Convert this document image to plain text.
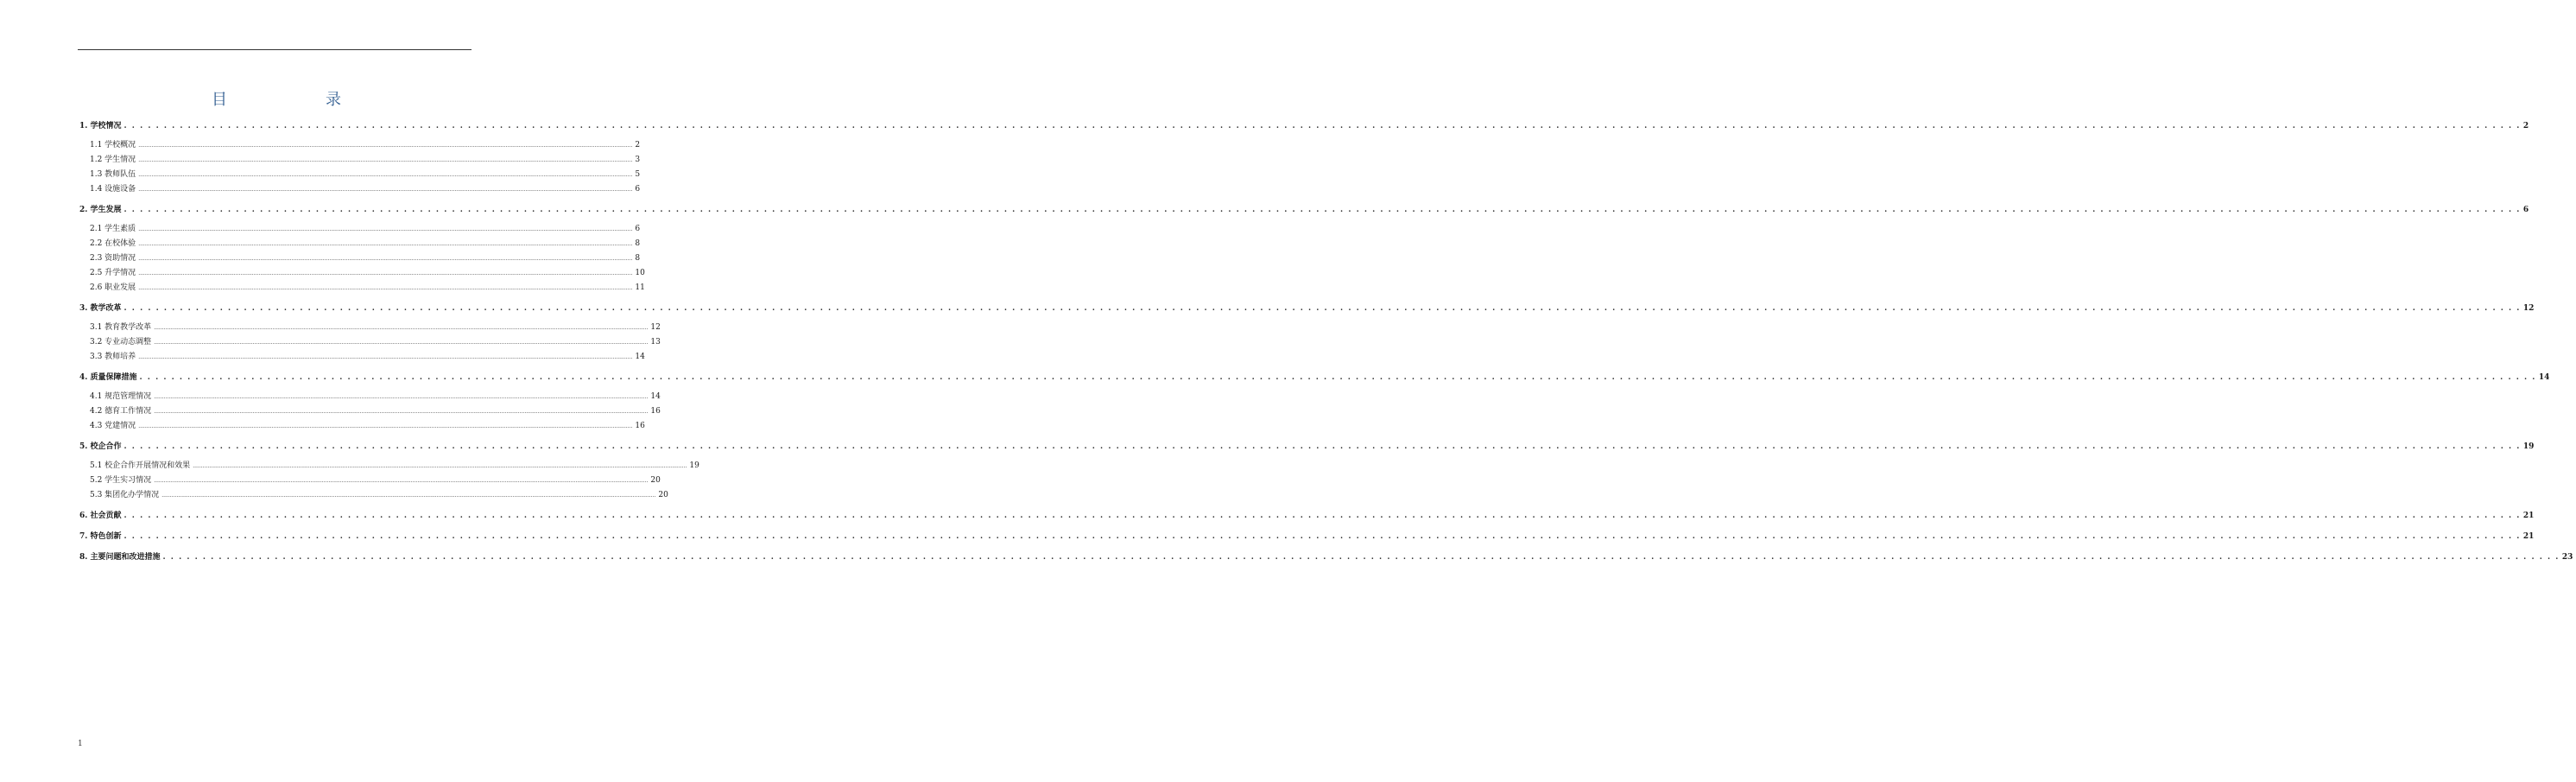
目　　录
1. 学校情况 . . . . . . . . . . . . . . . . . . . . . . . . . . . . . . . . . . . . . . . . . . . . . . . . . . . . . . . . . . . . . . . . . . . . . . . . . . . . . . . . . . . . . . . . . . . . . . . . . . . . . . . . . . . . . . . . . . . . . . . . . . . . . . . . . . . . . . . . . . . . . . . . . . . . . . . . . . . . . . . . . . . . . . . . . . . . . . . . . . . . . . . . . . . . . . . . . . . . . . . . . . . . . . . . . . . . . . . . . . . . . . . . . . . . . . . . . . . . . . . . . . . . . . . . . . . . . . . . . . . . . . . . . . . . . . . . . . . . . . . . . . . . . . . . . . . . . . . . . . . . 2
1.1 学校概况 ............................................................................................................................................................................................................................................................................................................ 2
1.2 学生情况 ............................................................................................................................................................................................................................................................................................................ 3
1.3 教师队伍 ............................................................................................................................................................................................................................................................................................................ 5
1.4 设施设备 ............................................................................................................................................................................................................................................................................................................ 6
2. 学生发展 . . . . . . . . . . . . . . . . . . . . . . . . . . . . . . . . . . . . . . . . . . . . . . . . . . . . . . . . . . . . . . . . . . . . . . . . . . . . . . . . . . . . . . . . . . . . . . . . . . . . . . . . . . . . . . . . . . . . . . . . . . . . . . . . . . . . . . . . . . . . . . . . . . . . . . . . . . . . . . . . . . . . . . . . . . . . . . . . . . . . . . . . . . . . . . . . . . . . . . . . . . . . . . . . . . . . . . . . . . . . . . . . . . . . . . . . . . . . . . . . . . . . . . . . . . . . . . . . . . . . . . . . . . . . . . . . . . . . . . . . . . . . . . . . . . . . . . . . . . . . 6
2.1 学生素质 ............................................................................................................................................................................................................................................................................................................ 6
2.2 在校体验 ............................................................................................................................................................................................................................................................................................................ 8
2.3 资助情况 ............................................................................................................................................................................................................................................................................................................ 8
2.5 升学情况 ............................................................................................................................................................................................................................................................................................................ 10
2.6 职业发展 ............................................................................................................................................................................................................................................................................................................ 11
3. 教学改革 . . . . . . . . . . . . . . . . . . . . . . . . . . . . . . . . . . . . . . . . . . . . . . . . . . . . . . . . . . . . . . . . . . . . . . . . . . . . . . . . . . . . . . . . . . . . . . . . . . . . . . . . . . . . . . . . . . . . . . . . . . . . . . . . . . . . . . . . . . . . . . . . . . . . . . . . . . . . . . . . . . . . . . . . . . . . . . . . . . . . . . . . . . . . . . . . . . . . . . . . . . . . . . . . . . . . . . . . . . . . . . . . . . . . . . . . . . . . . . . . . . . . . . . . . . . . . . . . . . . . . . . . . . . . . . . . . . . . . . . . . . . . . . . . . . . . . . . . . . . . 12
3.1 教育教学改革 ............................................................................................................................................................................................................................................................................................................ 12
3.2 专业动态调整 ............................................................................................................................................................................................................................................................................................................ 13
3.3 教师培养 ............................................................................................................................................................................................................................................................................................................ 14
4. 质量保障措施 . . . . . . . . . . . . . . . . . . . . . . . . . . . . . . . . . . . . . . . . . . . . . . . . . . . . . . . . . . . . . . . . . . . . . . . . . . . . . . . . . . . . . . . . . . . . . . . . . . . . . . . . . . . . . . . . . . . . . . . . . . . . . . . . . . . . . . . . . . . . . . . . . . . . . . . . . . . . . . . . . . . . . . . . . . . . . . . . . . . . . . . . . . . . . . . . . . . . . . . . . . . . . . . . . . . . . . . . . . . . . . . . . . . . . . . . . . . . . . . . . . . . . . . . . . . . . . . . . . . . . . . . . . . . . . . . . . . . . . . . . . . . . . . . . . . . . . . . . . . . 14
4.1 规范管理情况 ............................................................................................................................................................................................................................................................................................................ 14
4.2 德育工作情况 ............................................................................................................................................................................................................................................................................................................ 16
4.3 党建情况 ............................................................................................................................................................................................................................................................................................................ 16
5. 校企合作 . . . . . . . . . . . . . . . . . . . . . . . . . . . . . . . . . . . . . . . . . . . . . . . . . . . . . . . . . . . . . . . . . . . . . . . . . . . . . . . . . . . . . . . . . . . . . . . . . . . . . . . . . . . . . . . . . . . . . . . . . . . . . . . . . . . . . . . . . . . . . . . . . . . . . . . . . . . . . . . . . . . . . . . . . . . . . . . . . . . . . . . . . . . . . . . . . . . . . . . . . . . . . . . . . . . . . . . . . . . . . . . . . . . . . . . . . . . . . . . . . . . . . . . . . . . . . . . . . . . . . . . . . . . . . . . . . . . . . . . . . . . . . . . . . . . . . . . . . . . . 19
5.1 校企合作开展情况和效果 ............................................................................................................................................................................................................................................................................................................ 19
5.2 学生实习情况 ............................................................................................................................................................................................................................................................................................................ 20
5.3 集团化办学情况 ............................................................................................................................................................................................................................................................................................................ 20
6. 社会贡献 . . . . . . . . . . . . . . . . . . . . . . . . . . . . . . . . . . . . . . . . . . . . . . . . . . . . . . . . . . . . . . . . . . . . . . . . . . . . . . . . . . . . . . . . . . . . . . . . . . . . . . . . . . . . . . . . . . . . . . . . . . . . . . . . . . . . . . . . . . . . . . . . . . . . . . . . . . . . . . . . . . . . . . . . . . . . . . . . . . . . . . . . . . . . . . . . . . . . . . . . . . . . . . . . . . . . . . . . . . . . . . . . . . . . . . . . . . . . . . . . . . . . . . . . . . . . . . . . . . . . . . . . . . . . . . . . . . . . . . . . . . . . . . . . . . . . . . . . . . . . 21
7. 特色创新 . . . . . . . . . . . . . . . . . . . . . . . . . . . . . . . . . . . . . . . . . . . . . . . . . . . . . . . . . . . . . . . . . . . . . . . . . . . . . . . . . . . . . . . . . . . . . . . . . . . . . . . . . . . . . . . . . . . . . . . . . . . . . . . . . . . . . . . . . . . . . . . . . . . . . . . . . . . . . . . . . . . . . . . . . . . . . . . . . . . . . . . . . . . . . . . . . . . . . . . . . . . . . . . . . . . . . . . . . . . . . . . . . . . . . . . . . . . . . . . . . . . . . . . . . . . . . . . . . . . . . . . . . . . . . . . . . . . . . . . . . . . . . . . . . . . . . . . . . . . . 21
8. 主要问题和改进措施 . . . . . . . . . . . . . . . . . . . . . . . . . . . . . . . . . . . . . . . . . . . . . . . . . . . . . . . . . . . . . . . . . . . . . . . . . . . . . . . . . . . . . . . . . . . . . . . . . . . . . . . . . . . . . . . . . . . . . . . . . . . . . . . . . . . . . . . . . . . . . . . . . . . . . . . . . . . . . . . . . . . . . . . . . . . . . . . . . . . . . . . . . . . . . . . . . . . . . . . . . . . . . . . . . . . . . . . . . . . . . . . . . . . . . . . . . . . . . . . . . . . . . . . . . . . . . . . . . . . . . . . . . . . . . . . . . . . . . . . . . . . . . . . . . . . . . . . . . . . . 23
1
